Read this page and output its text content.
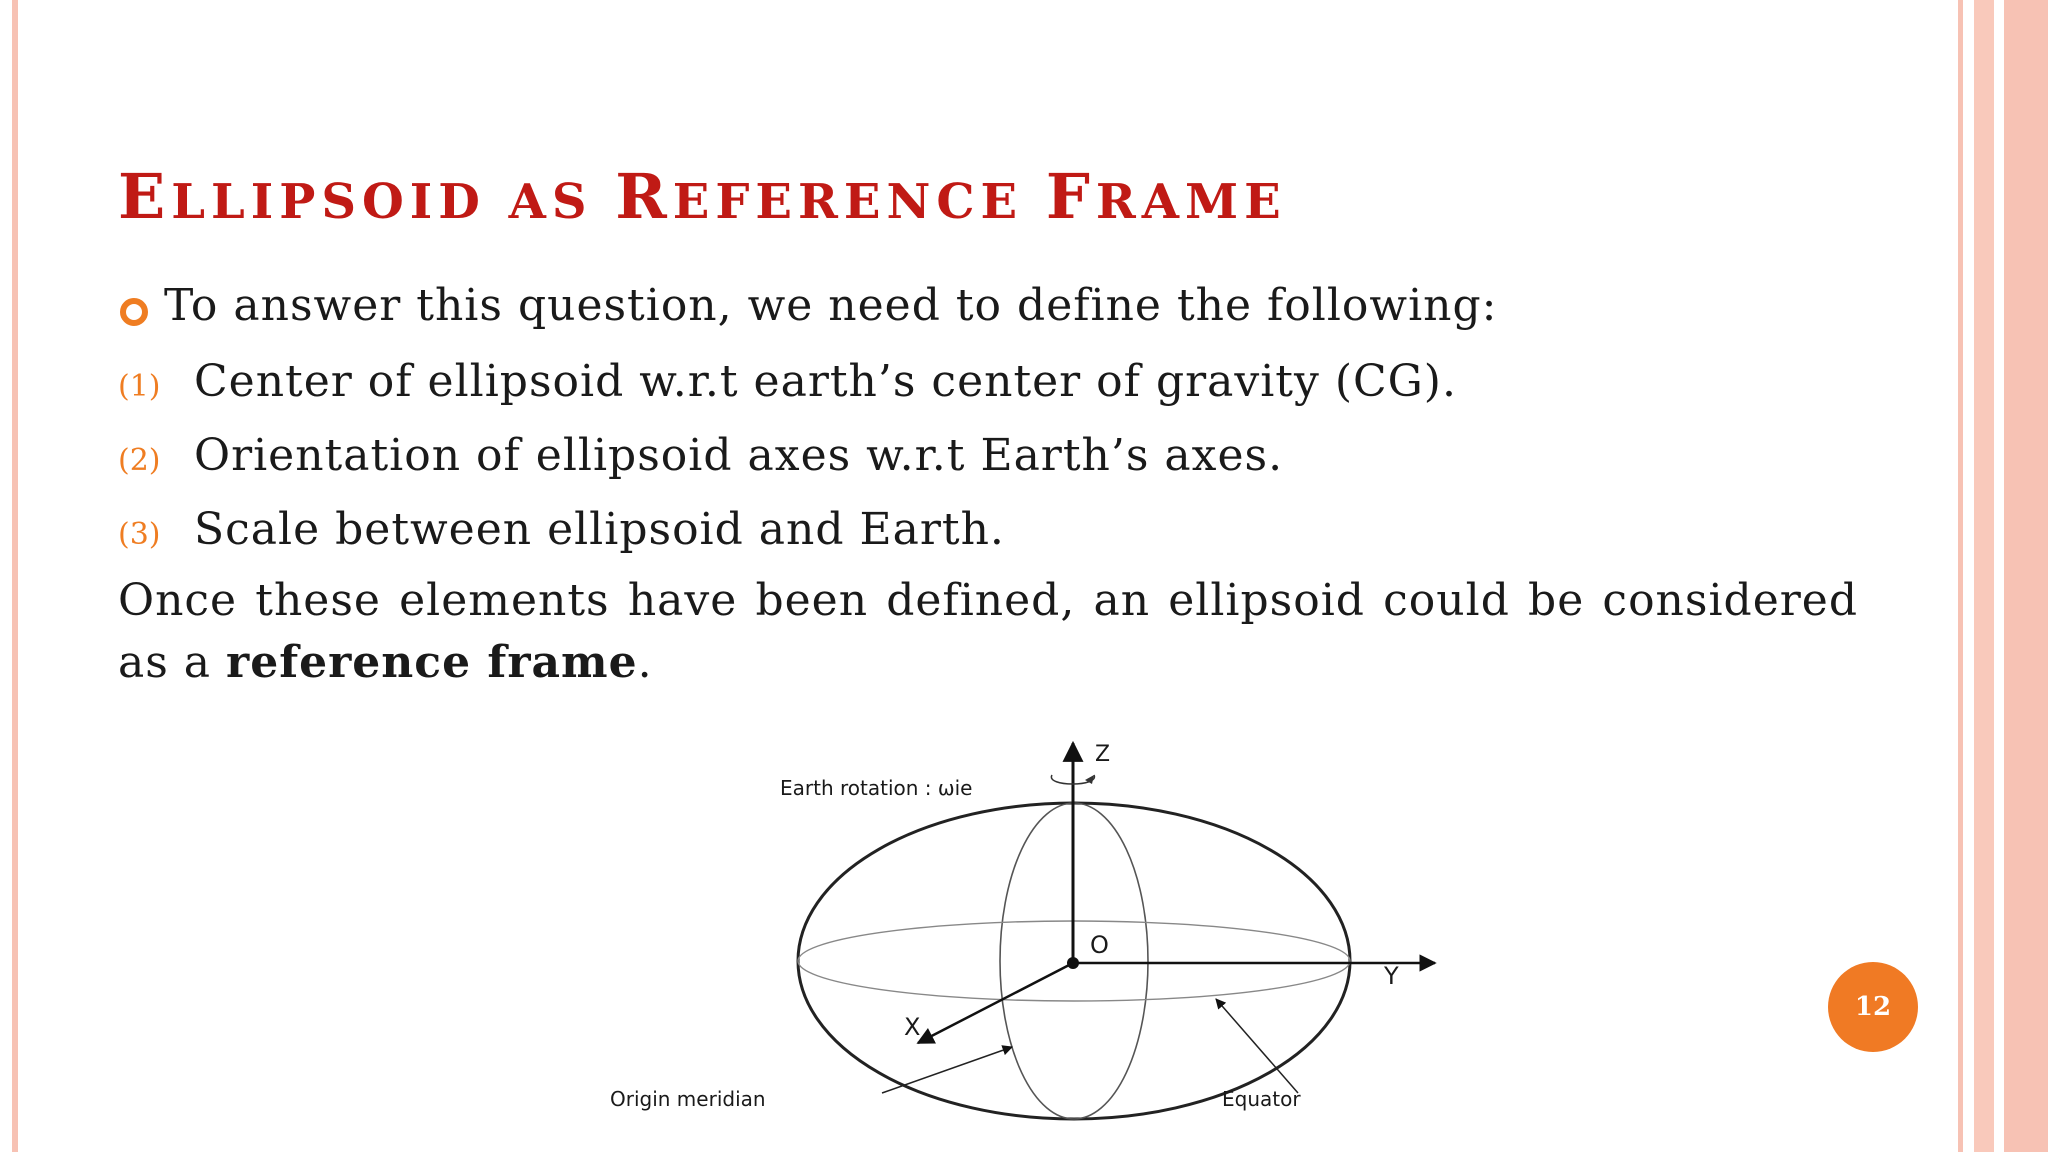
ELLIPSOID AS REFERENCE FRAME
To answer this question, we need to define the following:
(1) Center of ellipsoid w.r.t earth’s center of gravity (CG).
(2) Orientation of ellipsoid axes w.r.t Earth’s axes.
(3) Scale between ellipsoid and Earth.
Once these elements have been defined, an ellipsoid could be considered as a reference frame.
Z
Y
X
O
Earth rotation : ωie
Origin meridian	Equator
12
